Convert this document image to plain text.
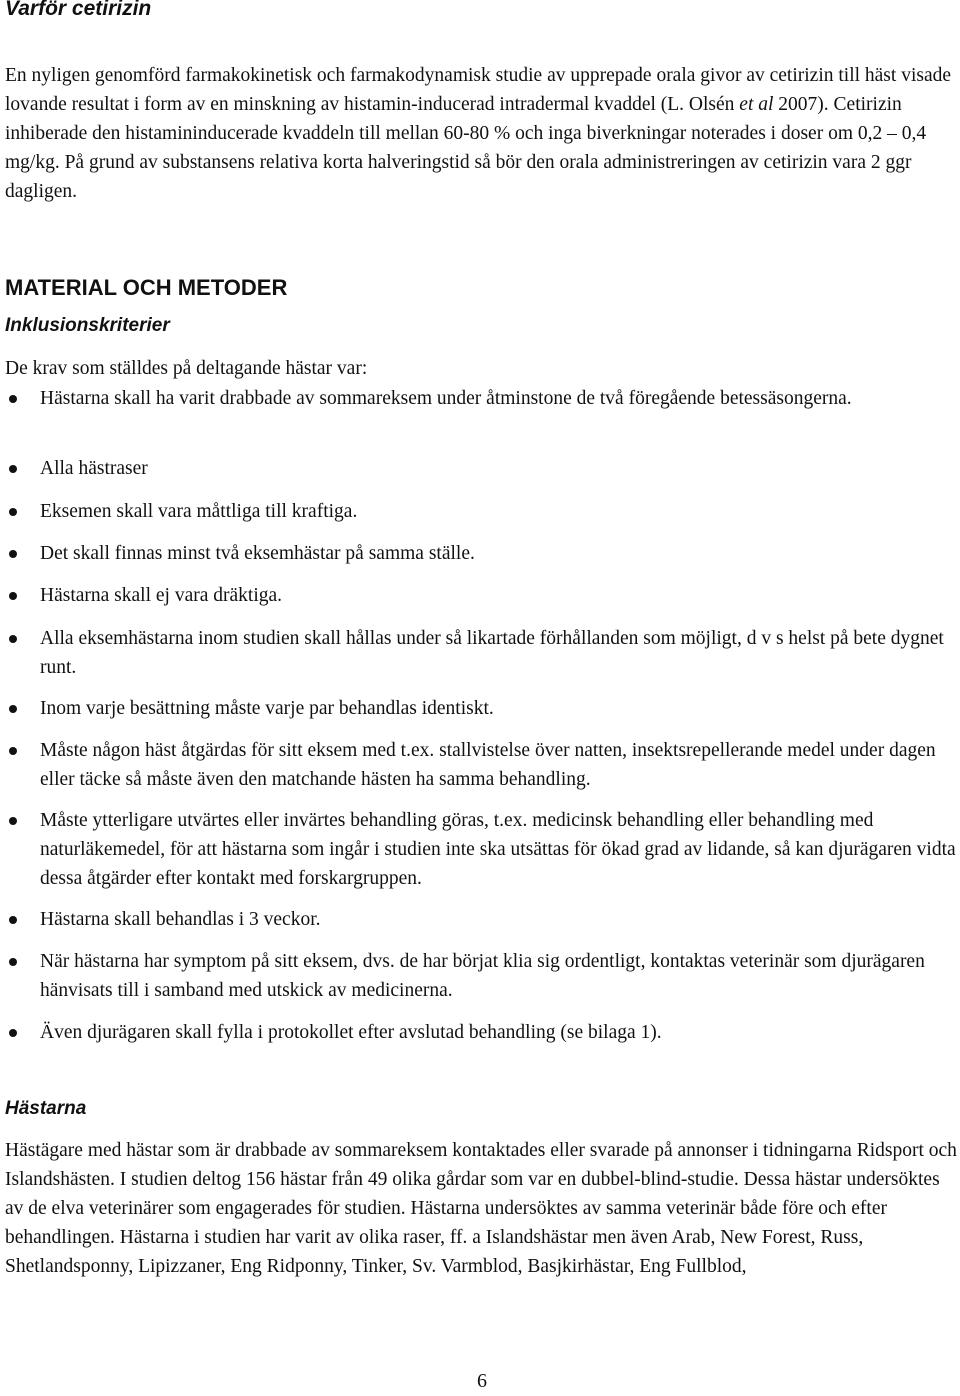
Varför cetirizin

En nyligen genomförd farmakokinetisk och farmakodynamisk studie av upprepade orala givor av cetirizin till häst visade lovande resultat i form av en minskning av histamin-inducerad intradermal kvaddel (L. Olsén et al 2007). Cetirizin inhiberade den histamininducerade kvaddeln till mellan 60-80 % och inga biverkningar noterades i doser om 0,2 – 0,4 mg/kg. På grund av substansens relativa korta halveringstid så bör den orala administreringen av cetirizin vara 2 ggr dagligen.

MATERIAL OCH METODER

Inklusionskriterier

De krav som ställdes på deltagande hästar var:

Hästarna skall ha varit drabbade av sommareksem under åtminstone de två föregående betessäsongerna.
Alla hästraser
Eksemen skall vara måttliga till kraftiga.
Det skall finnas minst två eksemhästar på samma ställe.
Hästarna skall ej vara dräktiga.
Alla eksemhästarna inom studien skall hållas under så likartade förhållanden som möjligt, d v s helst på bete dygnet runt.
Inom varje besättning måste varje par behandlas identiskt.
Måste någon häst åtgärdas för sitt eksem med t.ex. stallvistelse över natten, insektsrepellerande medel under dagen eller täcke så måste även den matchande hästen ha samma behandling.
Måste ytterligare utvärtes eller invärtes behandling göras, t.ex. medicinsk behandling eller behandling med naturläkemedel, för att hästarna som ingår i studien inte ska utsättas för ökad grad av lidande, så kan djurägaren vidta dessa åtgärder efter kontakt med forskargruppen.
Hästarna skall behandlas i 3 veckor.
När hästarna har symptom på sitt eksem, dvs. de har börjat klia sig ordentligt, kontaktas veterinär som djurägaren hänvisats till i samband med utskick av medicinerna.
Även djurägaren skall fylla i protokollet efter avslutad behandling (se bilaga 1).

Hästarna

Hästägare med hästar som är drabbade av sommareksem kontaktades eller svarade på annonser i tidningarna Ridsport och Islandshästen. I studien deltog 156 hästar från 49 olika gårdar som var en dubbel-blind-studie. Dessa hästar undersöktes av de elva veterinärer som engagerades för studien. Hästarna undersöktes av samma veterinär både före och efter behandlingen. Hästarna i studien har varit av olika raser, ff. a Islandshästar men även Arab, New Forest, Russ, Shetlandsponny, Lipizzaner, Eng Ridponny, Tinker, Sv. Varmblod, Basjkirhästar, Eng Fullblod,

6
